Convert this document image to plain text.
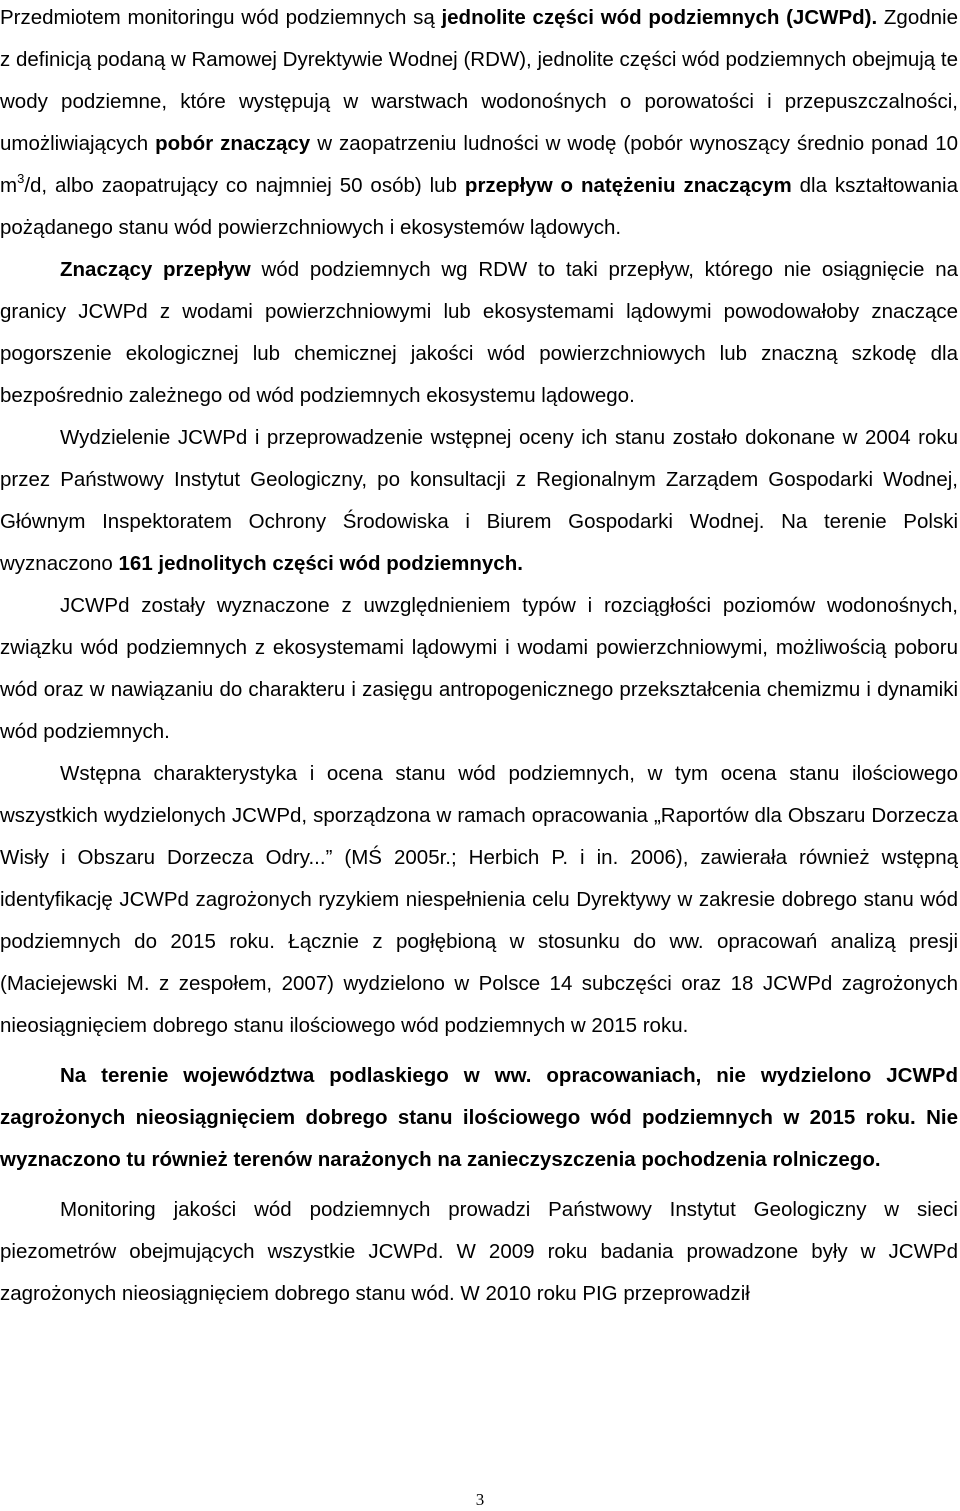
Przedmiotem monitoringu wód podziemnych są jednolite części wód podziemnych (JCWPd). Zgodnie z definicją podaną w Ramowej Dyrektywie Wodnej (RDW), jednolite części wód podziemnych obejmują te wody podziemne, które występują w warstwach wodonośnych o porowatości i przepuszczalności, umożliwiających pobór znaczący w zaopatrzeniu ludności w wodę (pobór wynoszący średnio ponad 10 $m^3/d$, albo zaopatrujący co najmniej 50 osób) lub przepływ o natężeniu znaczącym dla kształtowania pożądanego stanu wód powierzchniowych i ekosystemów lądowych.

Znaczący przepływ wód podziemnych wg RDW to taki przepływ, którego nie osiągnięcie na granicy JCWPd z wodami powierzchniowymi lub ekosystemami lądowymi powodowałoby znaczące pogorszenie ekologicznej lub chemicznej jakości wód powierzchniowych lub znaczną szkodę dla bezpośrednio zależnego od wód podziemnych ekosystemu lądowego.

Wydzielenie JCWPd i przeprowadzenie wstępnej oceny ich stanu zostało dokonane w 2004 roku przez Państwowy Instytut Geologiczny, po konsultacji z Regionalnym Zarządem Gospodarki Wodnej, Głównym Inspektoratem Ochrony Środowiska i Biurem Gospodarki Wodnej. Na terenie Polski wyznaczono 161 jednolitych części wód podziemnych.

JCWPd zostały wyznaczone z uwzględnieniem typów i rozciągłości poziomów wodonośnych, związku wód podziemnych z ekosystemami lądowymi i wodami powierzchniowymi, możliwością poboru wód oraz w nawiązaniu do charakteru i zasięgu antropogenicznego przekształcenia chemizmu i dynamiki wód podziemnych.

Wstępna charakterystyka i ocena stanu wód podziemnych, w tym ocena stanu ilościowego wszystkich wydzielonych JCWPd, sporządzona w ramach opracowania „Raportów dla Obszaru Dorzecza Wisły i Obszaru Dorzecza Odry...” (MŚ 2005r.; Herbich P. i in. 2006), zawierała również wstępną identyfikację JCWPd zagrożonych ryzykiem niespełnienia celu Dyrektywy w zakresie dobrego stanu wód podziemnych do 2015 roku. Łącznie z pogłębioną w stosunku do ww. opracowań analizą presji (Maciejewski M. z zespołem, 2007) wydzielono w Polsce 14 subczęści oraz 18 JCWPd zagrożonych nieosiągnięciem dobrego stanu ilościowego wód podziemnych w 2015 roku.

Na terenie województwa podlaskiego w ww. opracowaniach, nie wydzielono JCWPd zagrożonych nieosiągnięciem dobrego stanu ilościowego wód podziemnych w 2015 roku. Nie wyznaczono tu również terenów narażonych na zanieczyszczenia pochodzenia rolniczego.

Monitoring jakości wód podziemnych prowadzi Państwowy Instytut Geologiczny w sieci piezometrów obejmujących wszystkie JCWPd. W 2009 roku badania prowadzone były w JCWPd zagrożonych nieosiągnięciem dobrego stanu wód. W 2010 roku PIG przeprowadził

3
